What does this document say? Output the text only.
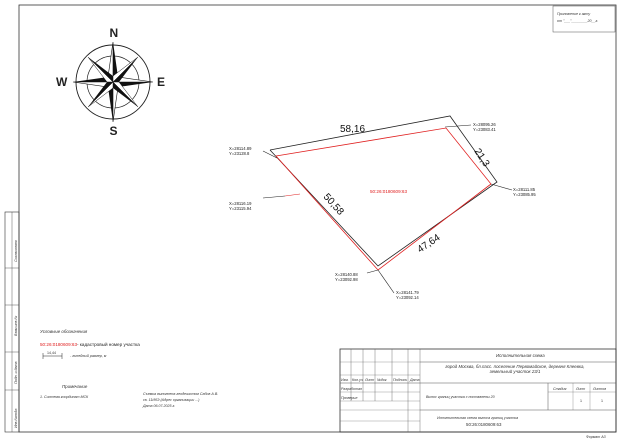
Приложение к акту
от "___"________20__г.
N
S
E
W
58,16
21,3
47,64
50,58
50:26:0180609:63
X=28114.89
Y=23128.8
X=28095.26
Y=23083.41
X=28111.85
Y=23085.95
X=28141.79
Y=23092.14
X=28140.88
Y=23092.98
X=28116.19
Y=23115.94
Условные обозначения
50:26:0180609:63 - кадастровый номер участка
14,44
- линейный размер, м
Примечание
1. Система координат МСК
Съемка выполнена геодезистом Сабов А.В.
св. 11ИбЭ (Адрес организации ...)
Дата 06.07.2025 г.
Согласовано
Взам.инв.№
Подп. и дата
Инв.№подл.
Исполнительная схема
город Москва, бл.пасс. поселение Первомайское, деревня Клеевка, земельный участок 23/1
Вынос границ участка с поставлены 20
Исполнительная схема выноса границ участка
50:26:0180609:63
Стадия	Лист Листов
1	1
Изм. Кол.уч Лист №док Подпись Дата
Разработал
Проверил
Формат А3
